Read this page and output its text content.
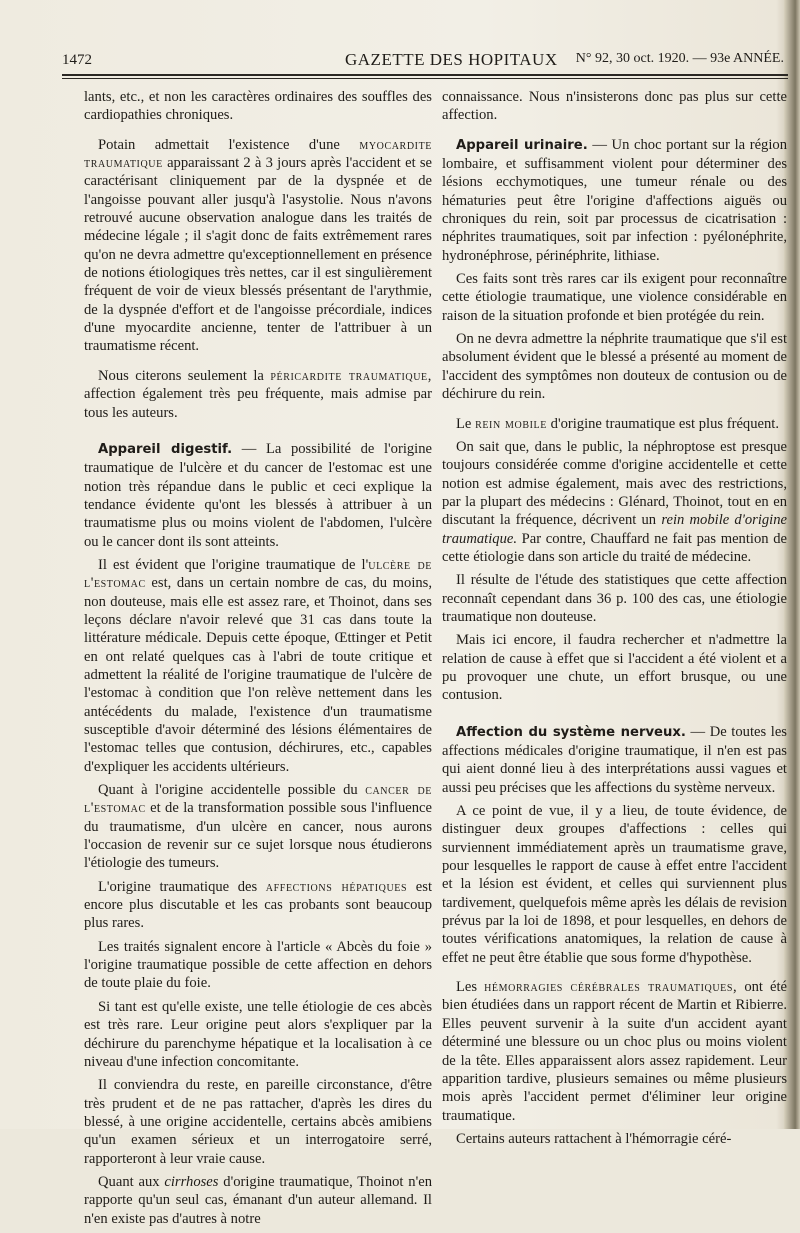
1472	GAZETTE DES HOPITAUX N° 92, 30 oct. 1920. — 93e ANNÉE.

lants, etc., et non les caractères ordinaires des souffles des cardiopathies chroniques.

Potain admettait l'existence d'une myocardite traumatique apparaissant 2 à 3 jours après l'accident et se caractérisant cliniquement par de la dyspnée et de l'angoisse pouvant aller jusqu'à l'asystolie. Nous n'avons retrouvé aucune observation analogue dans les traités de médecine légale ; il s'agit donc de faits extrêmement rares qu'on ne devra admettre qu'exceptionnellement en présence de notions étiologiques très nettes, car il est singulièrement fréquent de voir de vieux blessés présentant de l'arythmie, de la dyspnée d'effort et de l'angoisse précordiale, indices d'une myocardite ancienne, tenter de l'attribuer à un traumatisme récent.

Nous citerons seulement la péricardite traumatique, affection également très peu fréquente, mais admise par tous les auteurs.

Appareil digestif. — La possibilité de l'origine traumatique de l'ulcère et du cancer de l'estomac est une notion très répandue dans le public et ceci explique la tendance évidente qu'ont les blessés à attribuer à un traumatisme plus ou moins violent de l'abdomen, l'ulcère ou le cancer dont ils sont atteints.

Il est évident que l'origine traumatique de l'ulcère de l'estomac est, dans un certain nombre de cas, du moins, non douteuse, mais elle est assez rare, et Thoinot, dans ses leçons déclare n'avoir relevé que 31 cas dans toute la littérature médicale. Depuis cette époque, Œttinger et Petit en ont relaté quelques cas à l'abri de toute critique et admettent la réalité de l'origine traumatique de l'ulcère de l'estomac à condition que l'on relève nettement dans les antécédents du malade, l'existence d'un traumatisme susceptible d'avoir déterminé des lésions élémentaires de l'estomac telles que contusion, déchirures, etc., capables d'expliquer les accidents ultérieurs.

Quant à l'origine accidentelle possible du cancer de l'estomac et de la transformation possible sous l'influence du traumatisme, d'un ulcère en cancer, nous aurons l'occasion de revenir sur ce sujet lorsque nous étudierons l'étiologie des tumeurs.

L'origine traumatique des affections hépatiques est encore plus discutable et les cas probants sont beaucoup plus rares.

Les traités signalent encore à l'article « Abcès du foie » l'origine traumatique possible de cette affection en dehors de toute plaie du foie.

Si tant est qu'elle existe, une telle étiologie de ces abcès est très rare. Leur origine peut alors s'expliquer par la déchirure du parenchyme hépatique et la localisation à ce niveau d'une infection concomitante.

Il conviendra du reste, en pareille circonstance, d'être très prudent et de ne pas rattacher, d'après les dires du blessé, à une origine accidentelle, certains abcès amibiens qu'un examen sérieux et un interrogatoire serré, rapporteront à leur vraie cause.

Quant aux cirrhoses d'origine traumatique, Thoinot n'en rapporte qu'un seul cas, émanant d'un auteur allemand. Il n'en existe pas d'autres à notre

connaissance. Nous n'insisterons donc pas plus sur cette affection.

Appareil urinaire. — Un choc portant sur la région lombaire, et suffisamment violent pour déterminer des lésions ecchymotiques, une tumeur rénale ou des hématuries peut être l'origine d'affections aiguës ou chroniques du rein, soit par processus de cicatrisation : néphrites traumatiques, soit par infection : pyélonéphrite, hydronéphrose, périnéphrite, lithiase.

Ces faits sont très rares car ils exigent pour reconnaître cette étiologie traumatique, une violence considérable en raison de la situation profonde et bien protégée du rein.

On ne devra admettre la néphrite traumatique que s'il est absolument évident que le blessé a présenté au moment de l'accident des symptômes non douteux de contusion ou de déchirure du rein.

Le rein mobile d'origine traumatique est plus fréquent.

On sait que, dans le public, la néphroptose est presque toujours considérée comme d'origine accidentelle et cette notion est admise également, mais avec des restrictions, par la plupart des médecins : Glénard, Thoinot, tout en en discutant la fréquence, décrivent un rein mobile d'origine traumatique. Par contre, Chauffard ne fait pas mention de cette étiologie dans son article du traité de médecine.

Il résulte de l'étude des statistiques que cette affection reconnaît cependant dans 36 p. 100 des cas, une étiologie traumatique non douteuse.

Mais ici encore, il faudra rechercher et n'admettre la relation de cause à effet que si l'accident a été violent et a pu provoquer une chute, un effort brusque, ou une contusion.

Affection du système nerveux. — De toutes les affections médicales d'origine traumatique, il n'en est pas qui aient donné lieu à des interprétations aussi vagues et aussi peu précises que les affections du système nerveux.

A ce point de vue, il y a lieu, de toute évidence, de distinguer deux groupes d'affections : celles qui surviennent immédiatement après un traumatisme grave, pour lesquelles le rapport de cause à effet entre l'accident et la lésion est évident, et celles qui surviennent plus tardivement, quelquefois même après les délais de revision prévus par la loi de 1898, et pour lesquelles, en dehors de toutes vérifications anatomiques, la relation de cause à effet ne peut être établie que sous forme d'hypothèse.

Les hémorragies cérébrales traumatiques, ont été bien étudiées dans un rapport récent de Martin et Ribierre. Elles peuvent survenir à la suite d'un accident ayant déterminé une blessure ou un choc plus ou moins violent de la tête. Elles apparaissent alors assez rapidement. Leur apparition tardive, plusieurs semaines ou même plusieurs mois après l'accident permet d'éliminer leur origine traumatique.

Certains auteurs rattachent à l'hémorragie céré-
